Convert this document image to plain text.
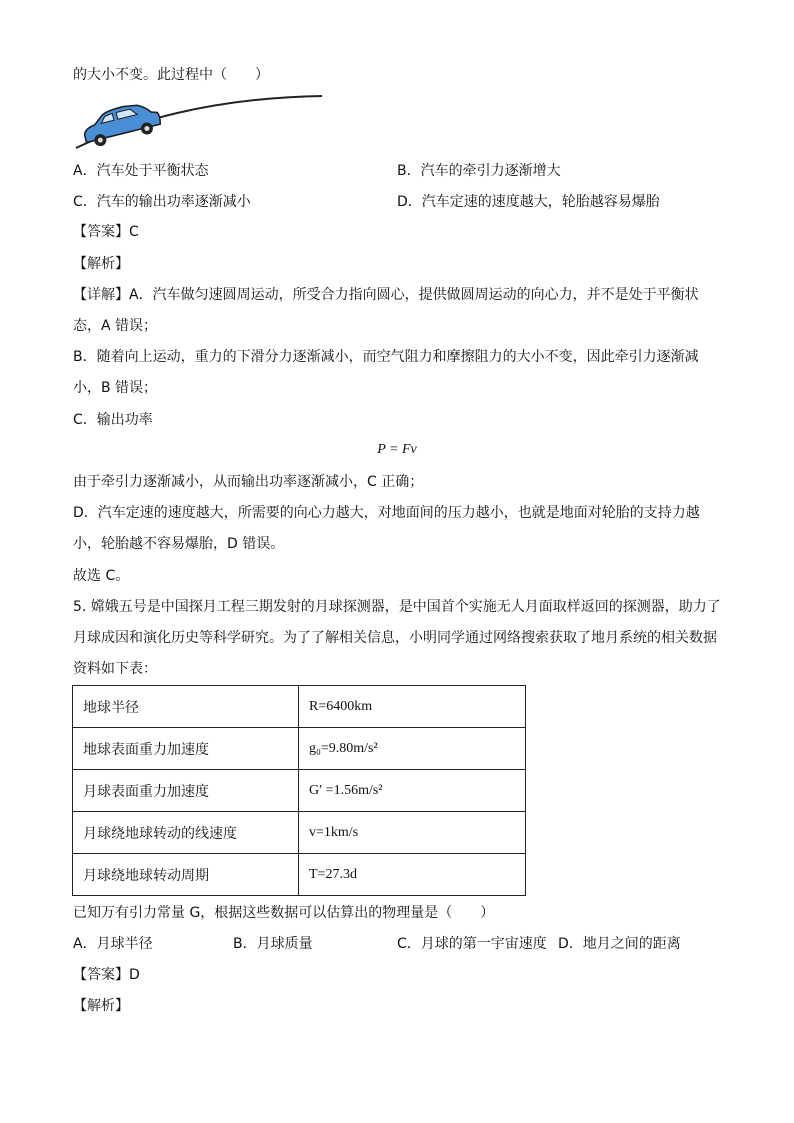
的大小不变。此过程中（　　）

A．汽车处于平衡状态	B．汽车的牵引力逐渐增大
C．汽车的输出功率逐渐减小	D．汽车定速的速度越大，轮胎越容易爆胎

【答案】C

【解析】

【详解】A．汽车做匀速圆周运动，所受合力指向圆心，提供做圆周运动的向心力，并不是处于平衡状

态，A 错误；

B．随着向上运动，重力的下滑分力逐渐减小，而空气阻力和摩擦阻力的大小不变，因此牵引力逐渐减

小，B 错误；

C．输出功率

P = Fv

由于牵引力逐渐减小，从而输出功率逐渐减小，C 正确；

D．汽车定速的速度越大，所需要的向心力越大，对地面间的压力越小，也就是地面对轮胎的支持力越

小，轮胎越不容易爆胎，D 错误。

故选 C。

5. 嫦娥五号是中国探月工程三期发射的月球探测器，是中国首个实施无人月面取样返回的探测器，助力了

月球成因和演化历史等科学研究。为了了解相关信息，小明同学通过网络搜索获取了地月系统的相关数据

资料如下表：

地球半径	R=6400km
地球表面重力加速度	g₀=9.80m/s²
月球表面重力加速度	G′ =1.56m/s²
月球绕地球转动的线速度	v=1km/s
月球绕地球转动周期	T=27.3d

已知万有引力常量 G，根据这些数据可以估算出的物理量是（　　）

A．月球半径	B．月球质量	C．月球的第一宇宙速度 D．地月之间的距离

【答案】D

【解析】
